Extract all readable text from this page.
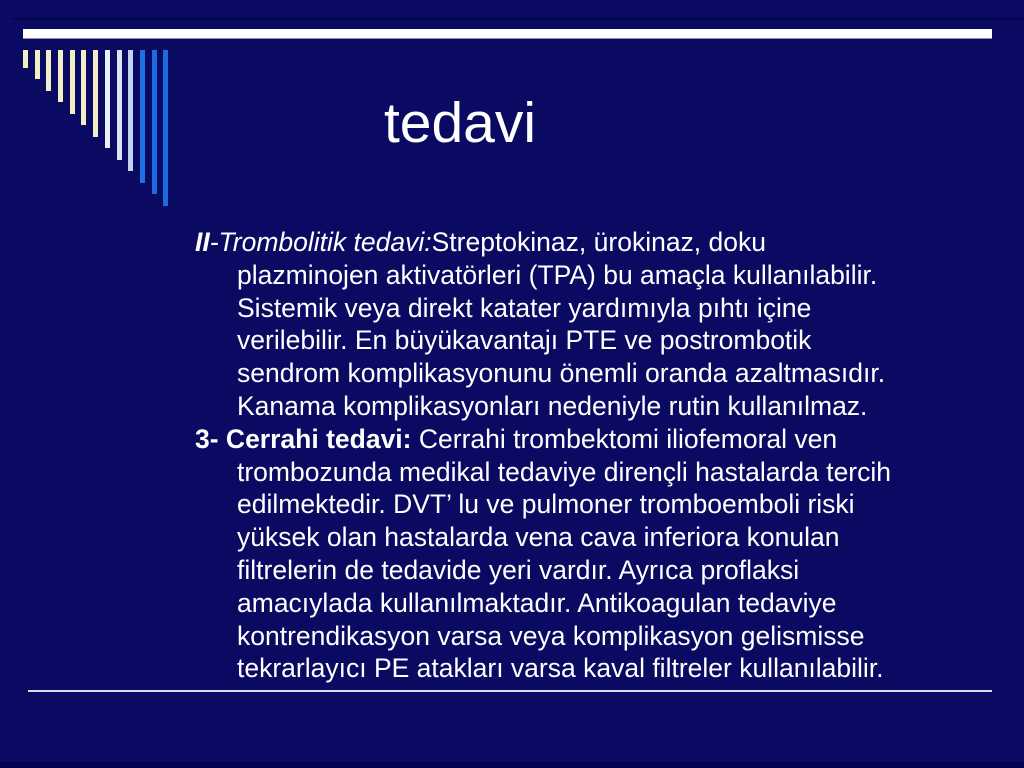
tedavi
II-Trombolitik tedavi:Streptokinaz, ürokinaz, doku
plazminojen aktivatörleri (TPA) bu amaçla kullanılabilir.
Sistemik veya direkt katater yardımıyla pıhtı içine
verilebilir. En büyükavantajı PTE ve postrombotik
sendrom komplikasyonunu önemli oranda azaltmasıdır.
Kanama komplikasyonları nedeniyle rutin kullanılmaz.
3- Cerrahi tedavi: Cerrahi trombektomi iliofemoral ven
trombozunda medikal tedaviye dirençli hastalarda tercih
edilmektedir. DVT’ lu ve pulmoner tromboemboli riski
yüksek olan hastalarda vena cava inferiora konulan
filtrelerin de tedavide yeri vardır. Ayrıca proflaksi
amacıylada kullanılmaktadır. Antikoagulan tedaviye
kontrendikasyon varsa veya komplikasyon gelismisse
tekrarlayıcı PE atakları varsa kaval filtreler kullanılabilir.
